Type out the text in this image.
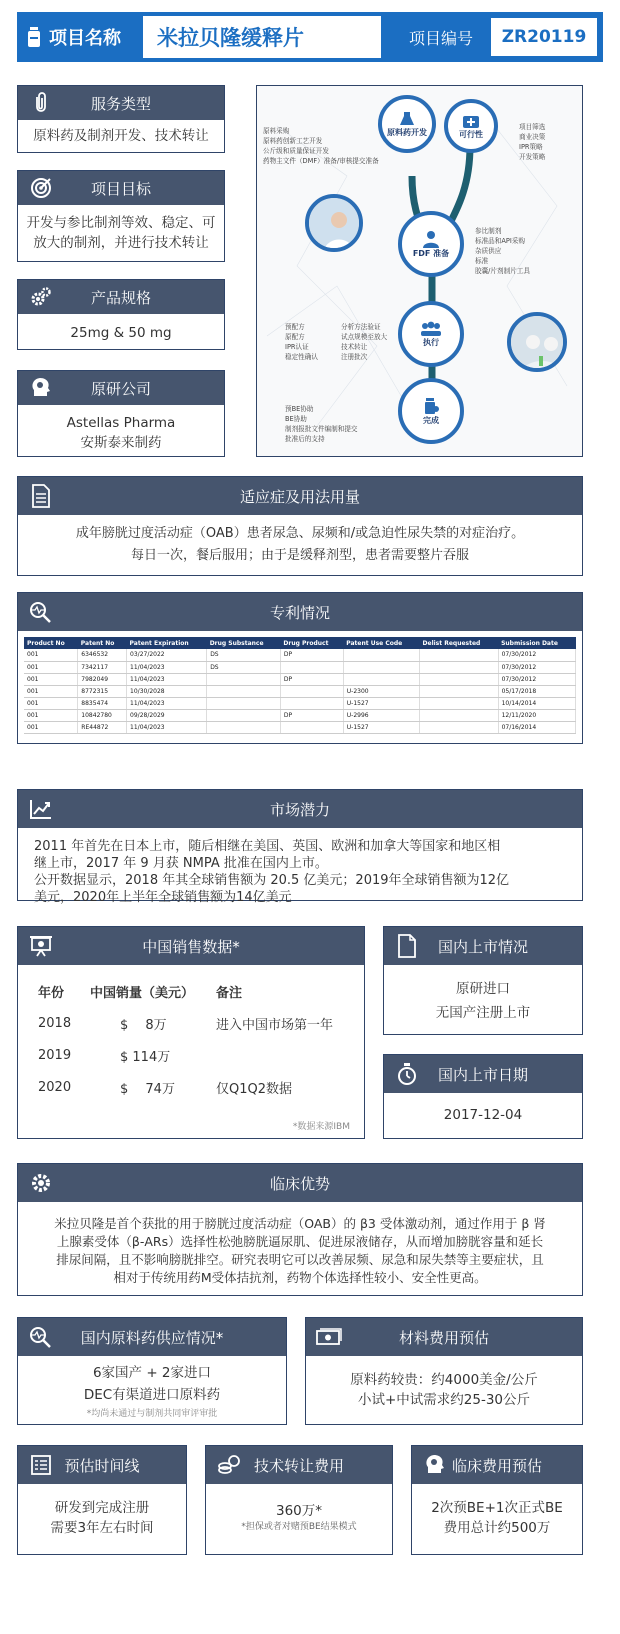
项目名称	米拉贝隆缓释片	项目编号	ZR20119
服务类型
原料药及制剂开发、技术转让
项目目标
开发与参比制剂等效、稳定、可
放大的制剂，并进行技术转让
产品规格
25mg & 50 mg
原研公司
Astellas Pharma
安斯泰来制药
原料药开发	可行性
FDF 准备
执行
完成
原料采购
原料药创新工艺开发
公斤级和质量保证开发
药物主文件（DMF）准备/审核提交准备
项目筛选
商业决策
IPR策略
开发策略
参比制剂
标准品和API采购
杂质供应
标准
胶囊/片剂制片工具
预配方
原配方
IPR认证
稳定性确认
分析方法验证
试点规模至放大
技术转让
注册批次
预BE协助
BE协助
制剂报批文件编制和提交
批准后的支持
适应症及用法用量
成年膀胱过度活动症（OAB）患者尿急、尿频和/或急迫性尿失禁的对症治疗。
每日一次，餐后服用；由于是缓释剂型，患者需要整片吞服
专利情况
Product No	Patent No	Patent Expiration	Drug Substance	Drug Product	Patent Use Code	Delist Requested	Submission Date
001	6346532	03/27/2022	DS	DP			07/30/2012
001	7342117	11/04/2023	DS				07/30/2012
001	7982049	11/04/2023		DP			07/30/2012
001	8772315	10/30/2028			U-2300		05/17/2018
001	8835474	11/04/2023			U-1527		10/14/2014
001	10842780	09/28/2029		DP	U-2996		12/11/2020
001	RE44872	11/04/2023			U-1527		07/16/2014
市场潜力
2011 年首先在日本上市，随后相继在美国、英国、欧洲和加拿大等国家和地区相
继上市，2017 年 9 月获 NMPA 批准在国内上市。
公开数据显示，2018 年其全球销售额为 20.5 亿美元；2019年全球销售额为12亿
美元，2020年上半年全球销售额为14亿美元
中国销售数据*
年份	中国销量（美元）	备注
2018	$　 8万	进入中国市场第一年
2019	$ 114万	
2020	$　 74万	仅Q1Q2数据
*数据来源IBM
国内上市情况
原研进口
无国产注册上市
国内上市日期
2017-12-04
临床优势
米拉贝隆是首个获批的用于膀胱过度活动症（OAB）的 β3 受体激动剂，通过作用于 β 肾
上腺素受体（β-ARs）选择性松弛膀胱逼尿肌、促进尿液储存，从而增加膀胱容量和延长
排尿间隔，且不影响膀胱排空。研究表明它可以改善尿频、尿急和尿失禁等主要症状，且
相对于传统用药M受体拮抗剂，药物个体选择性较小、安全性更高。
国内原料药供应情况*
6家国产 + 2家进口
DEC有渠道进口原料药
*均尚未通过与制剂共同审评审批
材料费用预估
原料药较贵：约4000美金/公斤
小试+中试需求约25-30公斤
预估时间线
研发到完成注册
需要3年左右时间
技术转让费用
360万*
*担保或者对赌预BE结果模式
临床费用预估
2次预BE+1次正式BE
费用总计约500万
